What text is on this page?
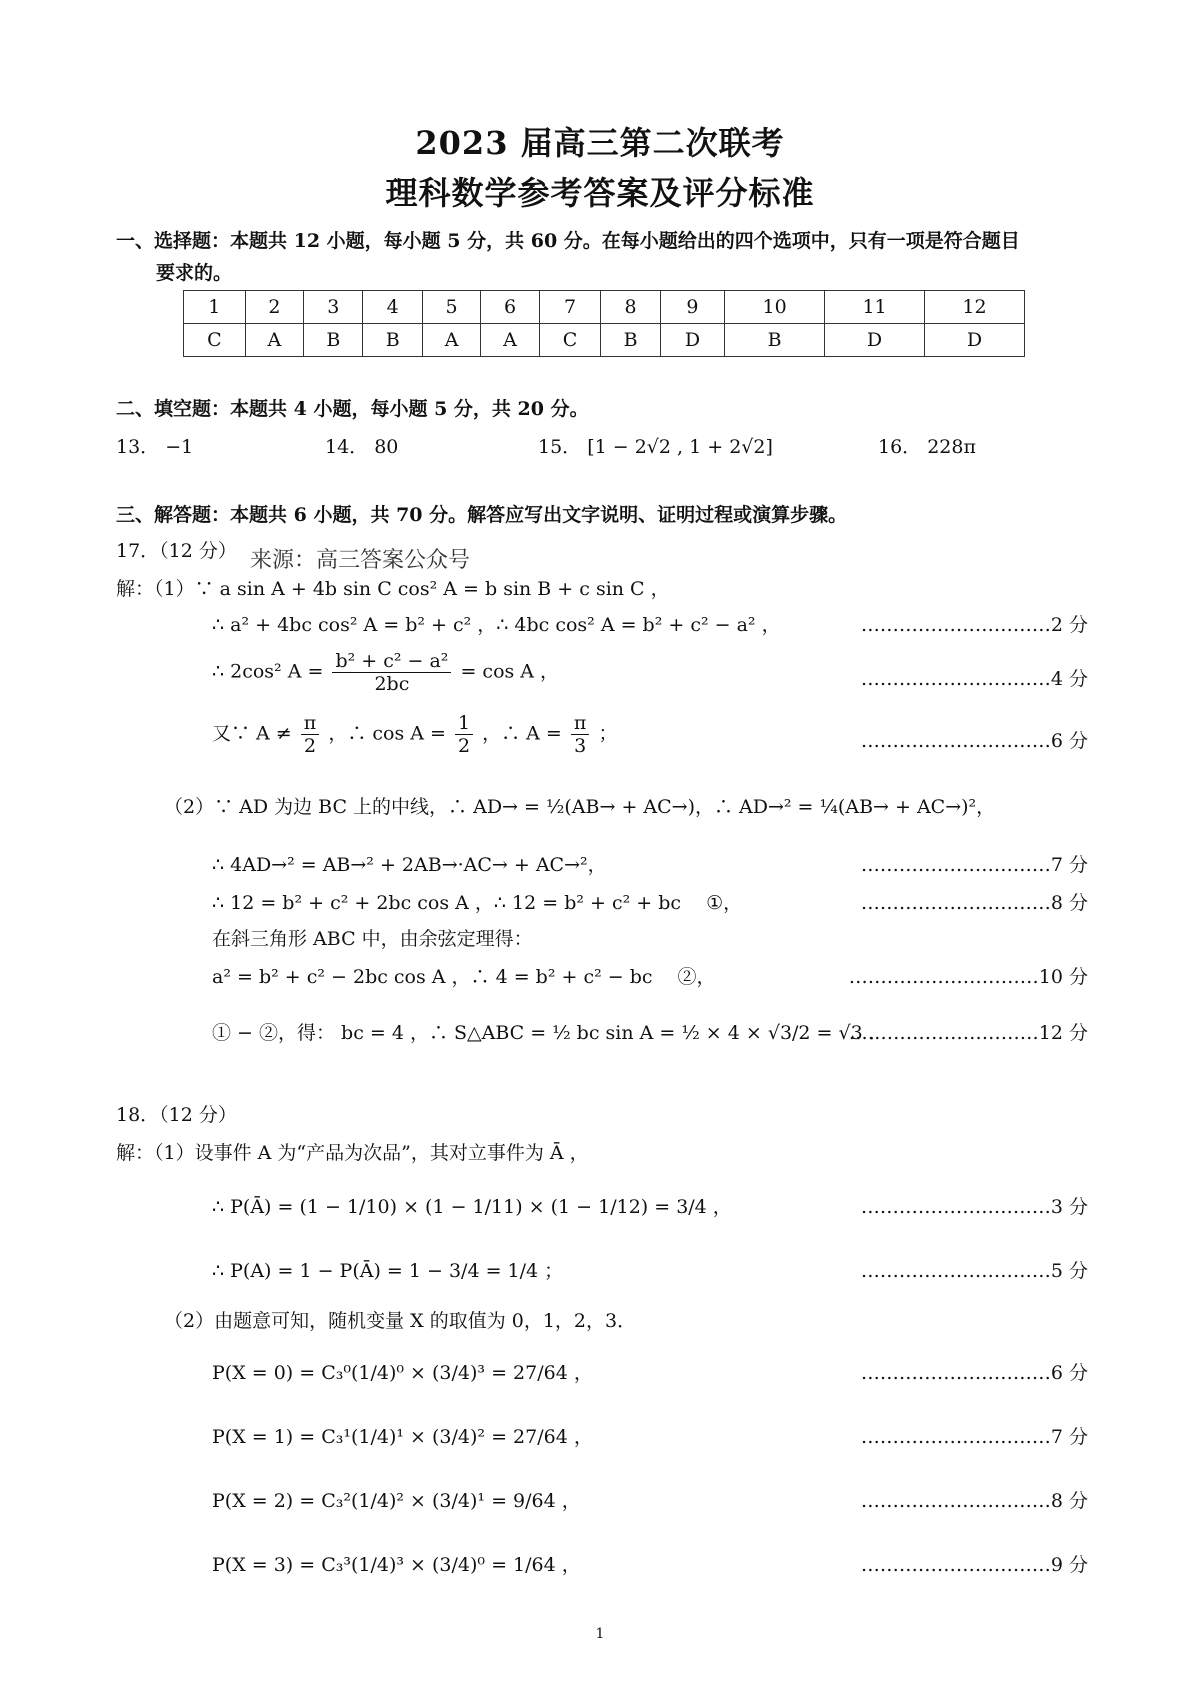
2023 届高三第二次联考
理科数学参考答案及评分标准
一、选择题：本题共 12 小题，每小题 5 分，共 60 分。在每小题给出的四个选项中，只有一项是符合题目
要求的。
1	2	3	4	5	6	7	8	9	10	11	12
C	A	B	B	A	A	C	B	D	B	D	D
二、填空题：本题共 4 小题，每小题 5 分，共 20 分。
13． −1	14． 80	15． [1 − 2√2 , 1 + 2√2]	16． 228π
三、解答题：本题共 6 小题，共 70 分。解答应写出文字说明、证明过程或演算步骤。
17．（12 分） 来源：高三答案公众号
解：（1）∵ a sin A + 4b sin C cos² A = b sin B + c sin C ，
∴ a² + 4bc cos² A = b² + c² ，∴ 4bc cos² A = b² + c² − a² ，	…………………………2 分
∴ 2cos² $A = \frac{\text{b² + c² − a²}}{2bc} = \cos A$ ，	…………………………4 分
又∵ $A \ne \frac{\pi}{2}$ ，∴ $\cos A = \frac{1}{2}$ ，∴ $A = \frac{\pi}{3}$ ；	…………………………6 分
（2）∵ AD 为边 BC 上的中线，∴ AD→ = ½(AB→ + AC→)，∴ AD→² = ¼(AB→ + AC→)²，
∴ 4AD→² = AB→² + 2AB→·AC→ + AC→²，	…………………………7 分
∴ 12 = b² + c² + 2bc cos A ，∴ 12 = b² + c² + bc　 ①，	…………………………8 分
在斜三角形 ABC 中，由余弦定理得：
a² = b² + c² − 2bc cos A ，∴ 4 = b² + c² − bc　 ②，	…………………………10 分
① − ②，得： bc = 4 ，∴ S△ABC = ½ bc sin A = ½ × 4 × √3/2 = √3 ．
…………………………12 分
18．（12 分）
解：（1）设事件 A 为“产品为次品”，其对立事件为 Ā ，
∴ P(Ā) = (1 − 1/10) × (1 − 1/11) × (1 − 1/12) = 3/4 ，	…………………………3 分
∴ P(A) = 1 − P(Ā) = 1 − 3/4 = 1/4 ；	…………………………5 分
（2）由题意可知，随机变量 X 的取值为 0，1，2，3．
P(X = 0) = C₃⁰(1/4)⁰ × (3/4)³ = 27/64 ，	…………………………6 分
P(X = 1) = C₃¹(1/4)¹ × (3/4)² = 27/64 ，	…………………………7 分
P(X = 2) = C₃²(1/4)² × (3/4)¹ = 9/64 ，	…………………………8 分
P(X = 3) = C₃³(1/4)³ × (3/4)⁰ = 1/64 ，	…………………………9 分
1
